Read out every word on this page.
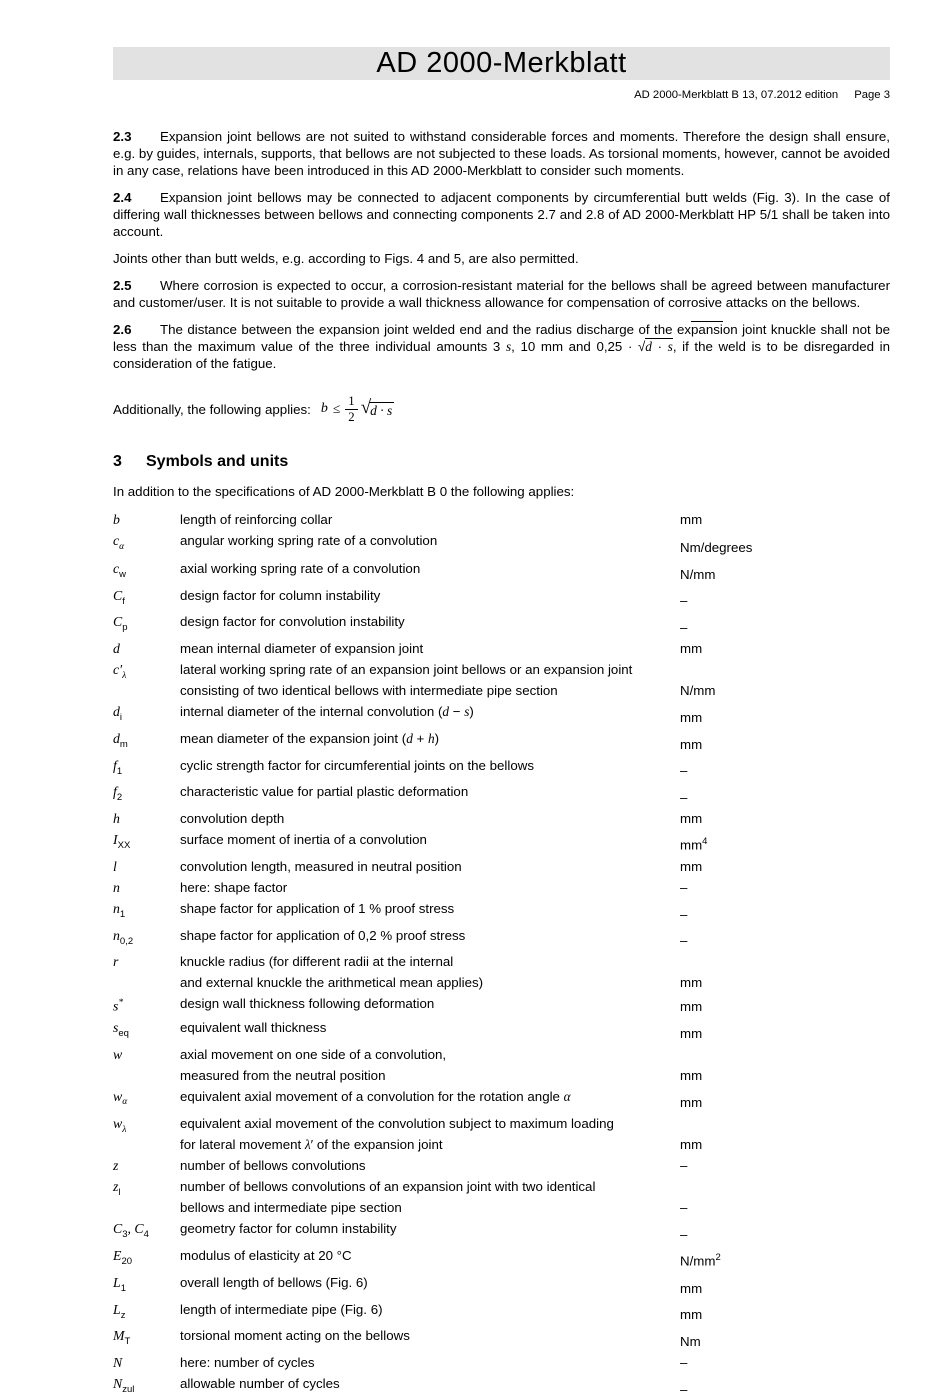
AD 2000-Merkblatt
AD 2000-Merkblatt B 13, 07.2012 edition Page 3

2.3 Expansion joint bellows are not suited to withstand considerable forces and moments. Therefore the design shall ensure, e.g. by guides, internals, supports, that bellows are not subjected to these loads. As torsional moments, however, cannot be avoided in any case, relations have been introduced in this AD 2000-Merkblatt to consider such moments.

2.4 Expansion joint bellows may be connected to adjacent components by circumferential butt welds (Fig. 3). In the case of differing wall thicknesses between bellows and connecting components 2.7 and 2.8 of AD 2000-Merkblatt HP 5/1 shall be taken into account.

Joints other than butt welds, e.g. according to Figs. 4 and 5, are also permitted.

2.5 Where corrosion is expected to occur, a corrosion-resistant material for the bellows shall be agreed between manufacturer and customer/user. It is not suitable to provide a wall thickness allowance for compensation of corrosive attacks on the bellows.

2.6 The distance between the expansion joint welded end and the radius discharge of the expansion joint knuckle shall not be less than the maximum value of the three individual amounts 3 s, 10 mm and 0,25 · √d · s, if the weld is to be disregarded in consideration of the fatigue.

Additionally, the following applies: $b \le \frac{1}{2}$ √ d · s
3 Symbols and units

In addition to the specifications of AD 2000-Merkblatt B 0 the following applies:

b	length of reinforcing collar	mm
$c_\alpha$	angular working spring rate of a convolution	Nm/degrees
$c_w$	axial working spring rate of a convolution	N/mm
$C_f$	design factor for column instability	–
$C_p$	design factor for convolution instability	–
d	mean internal diameter of expansion joint	mm
$c'_\lambda$	lateral working spring rate of an expansion joint bellows or an expansion joint
consisting of two identical bellows with intermediate pipe section	N/mm
$d_i$	internal diameter of the internal convolution (d − s)	mm
$d_m$	mean diameter of the expansion joint (d + h)	mm
$f_1$	cyclic strength factor for circumferential joints on the bellows	–
$f_2$	characteristic value for partial plastic deformation	–
h	convolution depth	mm
$I_{XX}$	surface moment of inertia of a convolution	$mm^4$
l	convolution length, measured in neutral position	mm
n	here: shape factor	–
$n_1$	shape factor for application of 1 % proof stress	–
$n_{0,2}$	shape factor for application of 0,2 % proof stress	–
r	knuckle radius (for different radii at the internal
and external knuckle the arithmetical mean applies)	mm
s*	design wall thickness following deformation	mm
$s_{eq}$	equivalent wall thickness	mm
w	axial movement on one side of a convolution,
measured from the neutral position	mm
$w_\alpha$	equivalent axial movement of a convolution for the rotation angle α	mm
$w_\lambda$	equivalent axial movement of the convolution subject to maximum loading
for lateral movement λ′ of the expansion joint	mm
z	number of bellows convolutions	–
$z_l$	number of bellows convolutions of an expansion joint with two identical
bellows and intermediate pipe section	–
$C_3$, $C_4$	geometry factor for column instability	–
$E_{20}$	modulus of elasticity at 20 °C	$N/mm^2$
$L_1$	overall length of bellows (Fig. 6)	mm
$L_z$	length of intermediate pipe (Fig. 6)	mm
$M_T$	torsional moment acting on the bellows	Nm
N	here: number of cycles	–
$N_{zul}$	allowable number of cycles	–
